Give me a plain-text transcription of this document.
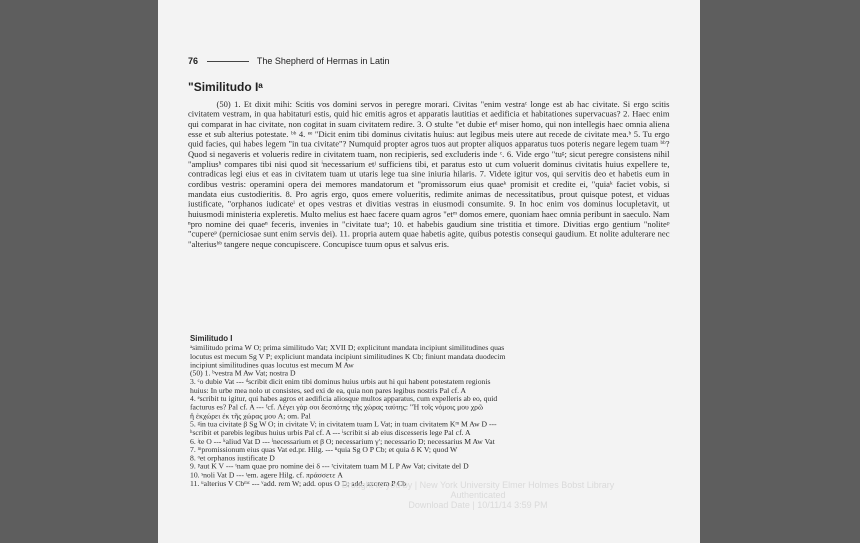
76	The Shepherd of Hermas in Latin
"Similitudo Iᵃ

(50) 1. Et dixit mihi: Scitis vos domini servos in peregre morari. Civitas "enim vestraᶜ longe est ab hac civitate. Si ergo scitis civitatem vestram, in qua habitaturi estis, quid hic emitis agros et apparatis lautitias et aedificia et habitationes supervacuas? 2. Haec enim qui comparat in hac civitate, non cogitat in suam civitatem redire. 3. O stulte "et dubie etᵈ miser homo, qui non intellegis haec omnia aliena esse et sub alterius potestate. ᵇᵇ 4. ᵉᵉ "Dicit enim tibi dominus civitatis huius: aut legibus meis utere aut recede de civitate mea.ᵇ 5. Tu ergo quid facies, qui habes legem "in tua civitate"? Numquid propter agros tuos aut propter aliquos apparatus tuos poteris negare legem tuam ᵇᵇ? Quod si negaveris et volueris redire in civitatem tuam, non recipieris, sed excluderis inde ᶜ. 6. Vide ergo "tuᵍ; sicut peregre consistens nihil "ampliusʰ compares tibi nisi quod sit ⁱnecessarium etʲ sufficiens tibi, et paratus esto ut cum voluerit dominus civitatis huius expellere te, contradicas legi eius et eas in civitatem tuam ut utaris lege tua sine iniuria hilaris. 7. Videte igitur vos, qui servitis deo et habetis eum in cordibus vestris: operamini opera dei memores mandatorum et "promissorum eius quaeᵏ promisit et credite ei, "quiaᵏ faciet vobis, si mandata eius custodieritis. 8. Pro agris ergo, quos emere volueritis, redimite animas de necessitatibus, prout quisque potest, et viduas iustificate, "orphanos iudicateˡ et opes vestras et divitias vestras in eiusmodi consumite. 9. In hoc enim vos dominus locupletavit, ut huiusmodi ministeria expleretis. Multo melius est haec facere quam agros "etᵐ domos emere, quoniam haec omnia peribunt in saeculo. Nam ⁿpro nomine dei quaeⁿ feceris, invenies in "civitate tuaᵒ; 10. et habebis gaudium sine tristitia et timore. Divitias ergo gentium "noliteᵖ "cupereᵖ (perniciosae sunt enim servis dei). 11. propria autem quae habetis agite, quibus potestis consequi gaudium. Et nolite adulterare nec "alteriusᵇᵇ tangere neque concupiscere. Concupisce tuum opus et salvus eris.

Similitudo I
ᵃsimilitudo prima W O; prima similitudo Vat; XVII D; explicitunt mandata incipiunt similitudines quas
locutus est mecum Sg V P; expliciunt mandata incipiunt similitudines K Cb; finiunt mandata duodecim
incipiunt similitudines quas locutus est mecum M Aw
(50) 1. ᵇvestra M Aw Vat; nostra D
3. ᶜo dubie Vat --- ᵈscribit dicit enim tibi dominus huius urbis aut hi qui habent potestatem regionis
huius: In urbe mea nolo ut consistes, sed exi de ea, quia non pares legibus nostris Pal cf. A
4. ᵉscribit tu igitur, qui habes agros et aedificia aliosque multos apparatus, cum expelleris ab eo, quid
facturus es? Pal cf. A --- ᶠcf. Λέγει γὰρ σοι δεσπότης τῆς χώρας ταύτης: "Ή τοῖς νόμοις μου χρῶ
ἢ ἐκχώρει ἐκ τῆς χώρας μου A; om. Pal
5. ᵍin tua civitate β Sg W O; in civitate V; in civitatem tuam L Vat; in tuam civitatem Kᵐ M Aw D ---
ʰscribit et parebis legibus huius urbis Pal cf. A --- ⁱscribit si ab eius discesseris lege Pal cf. A
6. ʲte O --- ᵏaliud Vat D --- ˡnecessarium et β O; necessarium γʹ; necessario D; necessarius M Aw Vat
7. ᵐpromissionum eius quas Vat ed.pr. Hilg. --- ⁿquia Sg O P Cb; et quia δ K V; quod W
8. ᵒet orphanos iustificate D
9. ᵖaut K V --- ᵗnam quae pro nomine dei δ --- ʳcivitatem tuam M L P Aw Vat; civitate del D
10. ˢnoli Vat D --- ᵗem. agere Hilg. cf. πράσσετε A
11. ᵘalterius V Cbᵐᶜ --- ᵛadd. rem W; add. opus O D; add. uxorem P Cb
Brought to you by | New York University Elmer Holmes Bobst Library
Authenticated
Download Date | 10/11/14 3:59 PM
